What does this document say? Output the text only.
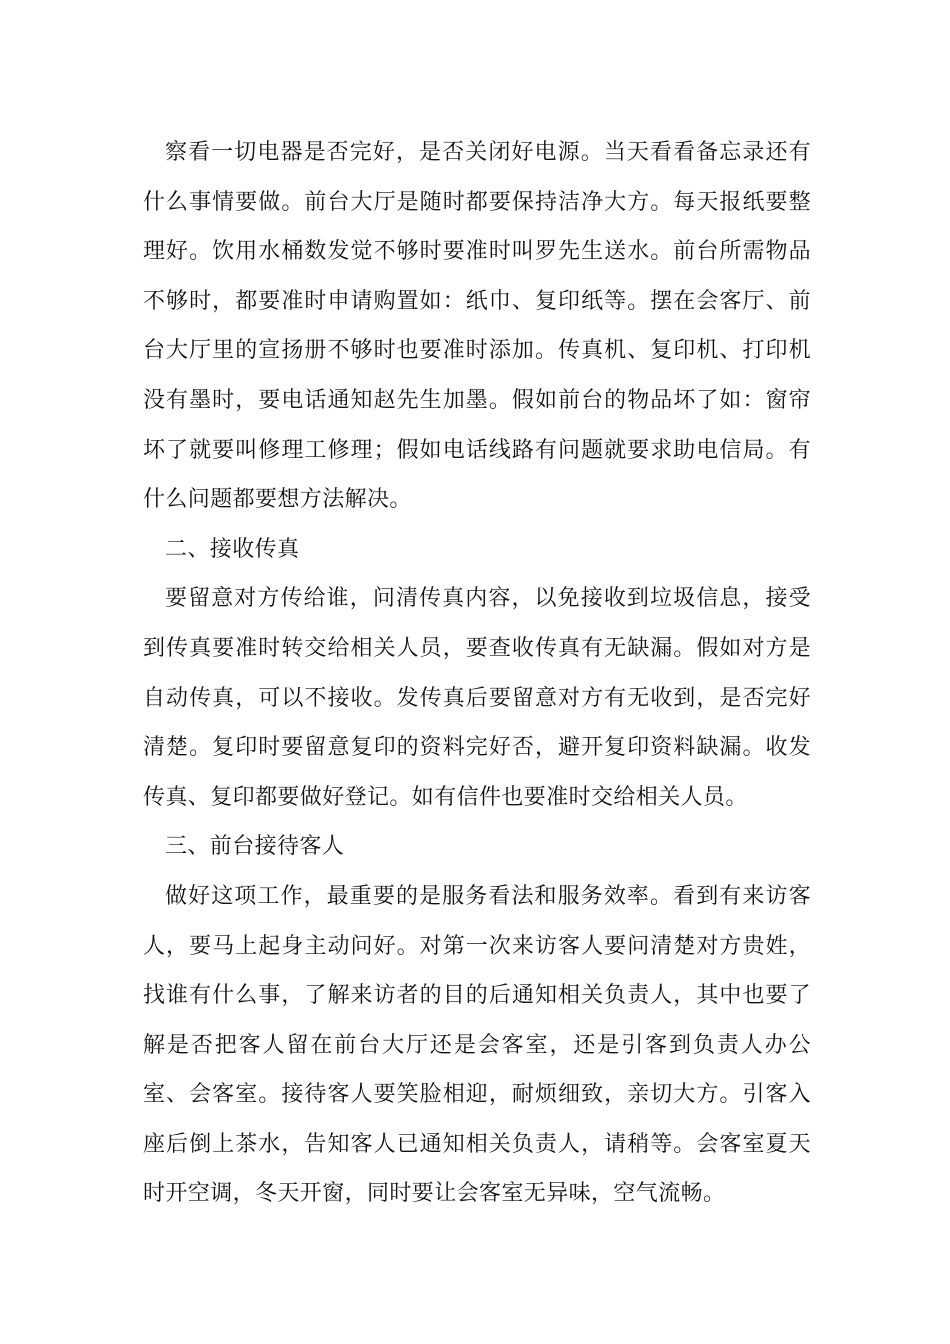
察看一切电器是否完好，是否关闭好电源。当天看看备忘录还有什么事情要做。前台大厅是随时都要保持洁净大方。每天报纸要整理好。饮用水桶数发觉不够时要准时叫罗先生送水。前台所需物品不够时，都要准时申请购置如：纸巾、复印纸等。摆在会客厅、前台大厅里的宣扬册不够时也要准时添加。传真机、复印机、打印机没有墨时，要电话通知赵先生加墨。假如前台的物品坏了如：窗帘坏了就要叫修理工修理；假如电话线路有问题就要求助电信局。有什么问题都要想方法解决。

二、接收传真

要留意对方传给谁，问清传真内容，以免接收到垃圾信息，接受到传真要准时转交给相关人员，要查收传真有无缺漏。假如对方是自动传真，可以不接收。发传真后要留意对方有无收到，是否完好清楚。复印时要留意复印的资料完好否，避开复印资料缺漏。收发传真、复印都要做好登记。如有信件也要准时交给相关人员。

三、前台接待客人

做好这项工作，最重要的是服务看法和服务效率。看到有来访客人，要马上起身主动问好。对第一次来访客人要问清楚对方贵姓，找谁有什么事，了解来访者的目的后通知相关负责人，其中也要了解是否把客人留在前台大厅还是会客室，还是引客到负责人办公室、会客室。接待客人要笑脸相迎，耐烦细致，亲切大方。引客入座后倒上茶水，告知客人已通知相关负责人，请稍等。会客室夏天时开空调，冬天开窗，同时要让会客室无异味，空气流畅。
